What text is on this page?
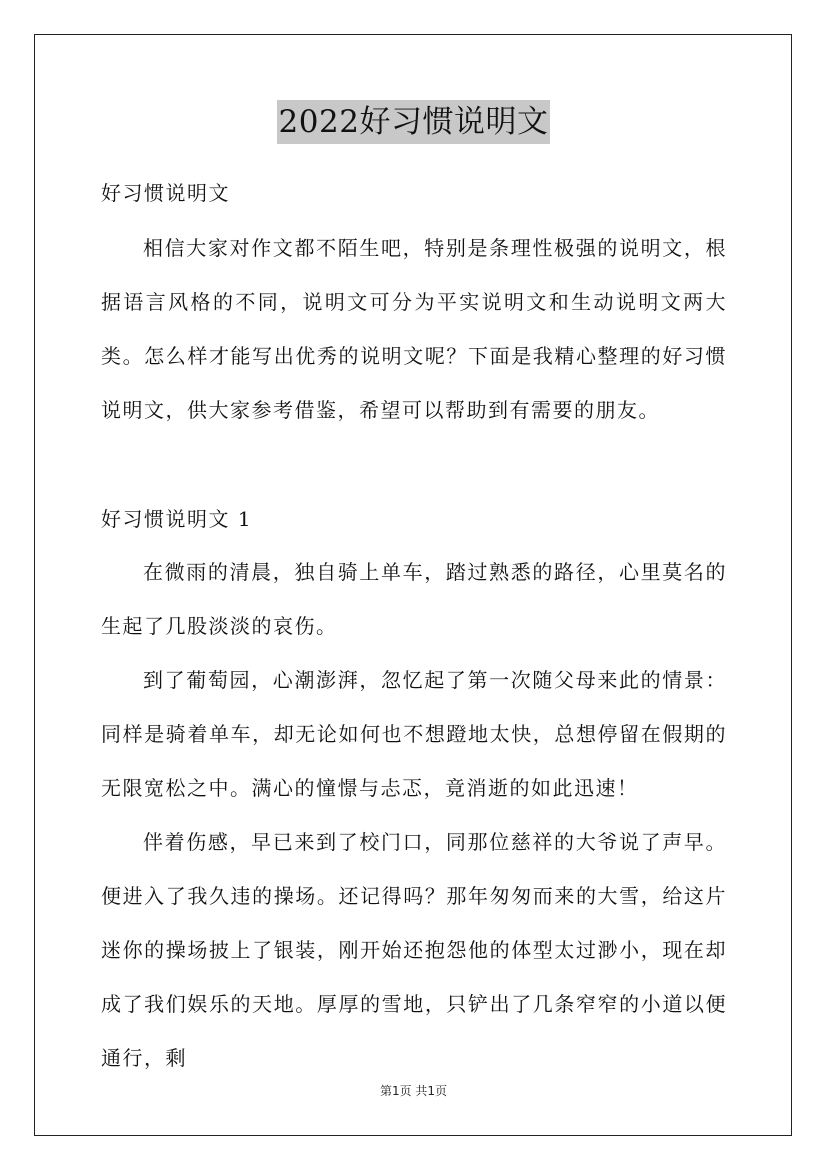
2022好习惯说明文

好习惯说明文

相信大家对作文都不陌生吧，特别是条理性极强的说明文，根据语言风格的不同，说明文可分为平实说明文和生动说明文两大类。怎么样才能写出优秀的说明文呢？下面是我精心整理的好习惯说明文，供大家参考借鉴，希望可以帮助到有需要的朋友。

好习惯说明文 1

在微雨的清晨，独自骑上单车，踏过熟悉的路径，心里莫名的生起了几股淡淡的哀伤。

到了葡萄园，心潮澎湃，忽忆起了第一次随父母来此的情景：同样是骑着单车，却无论如何也不想蹬地太快，总想停留在假期的无限宽松之中。满心的憧憬与忐忑，竟消逝的如此迅速！

伴着伤感，早已来到了校门口，同那位慈祥的大爷说了声早。便进入了我久违的操场。还记得吗？那年匆匆而来的大雪，给这片迷你的操场披上了银装，刚开始还抱怨他的体型太过渺小，现在却成了我们娱乐的天地。厚厚的雪地，只铲出了几条窄窄的小道以便通行，剩

第1页 共1页
